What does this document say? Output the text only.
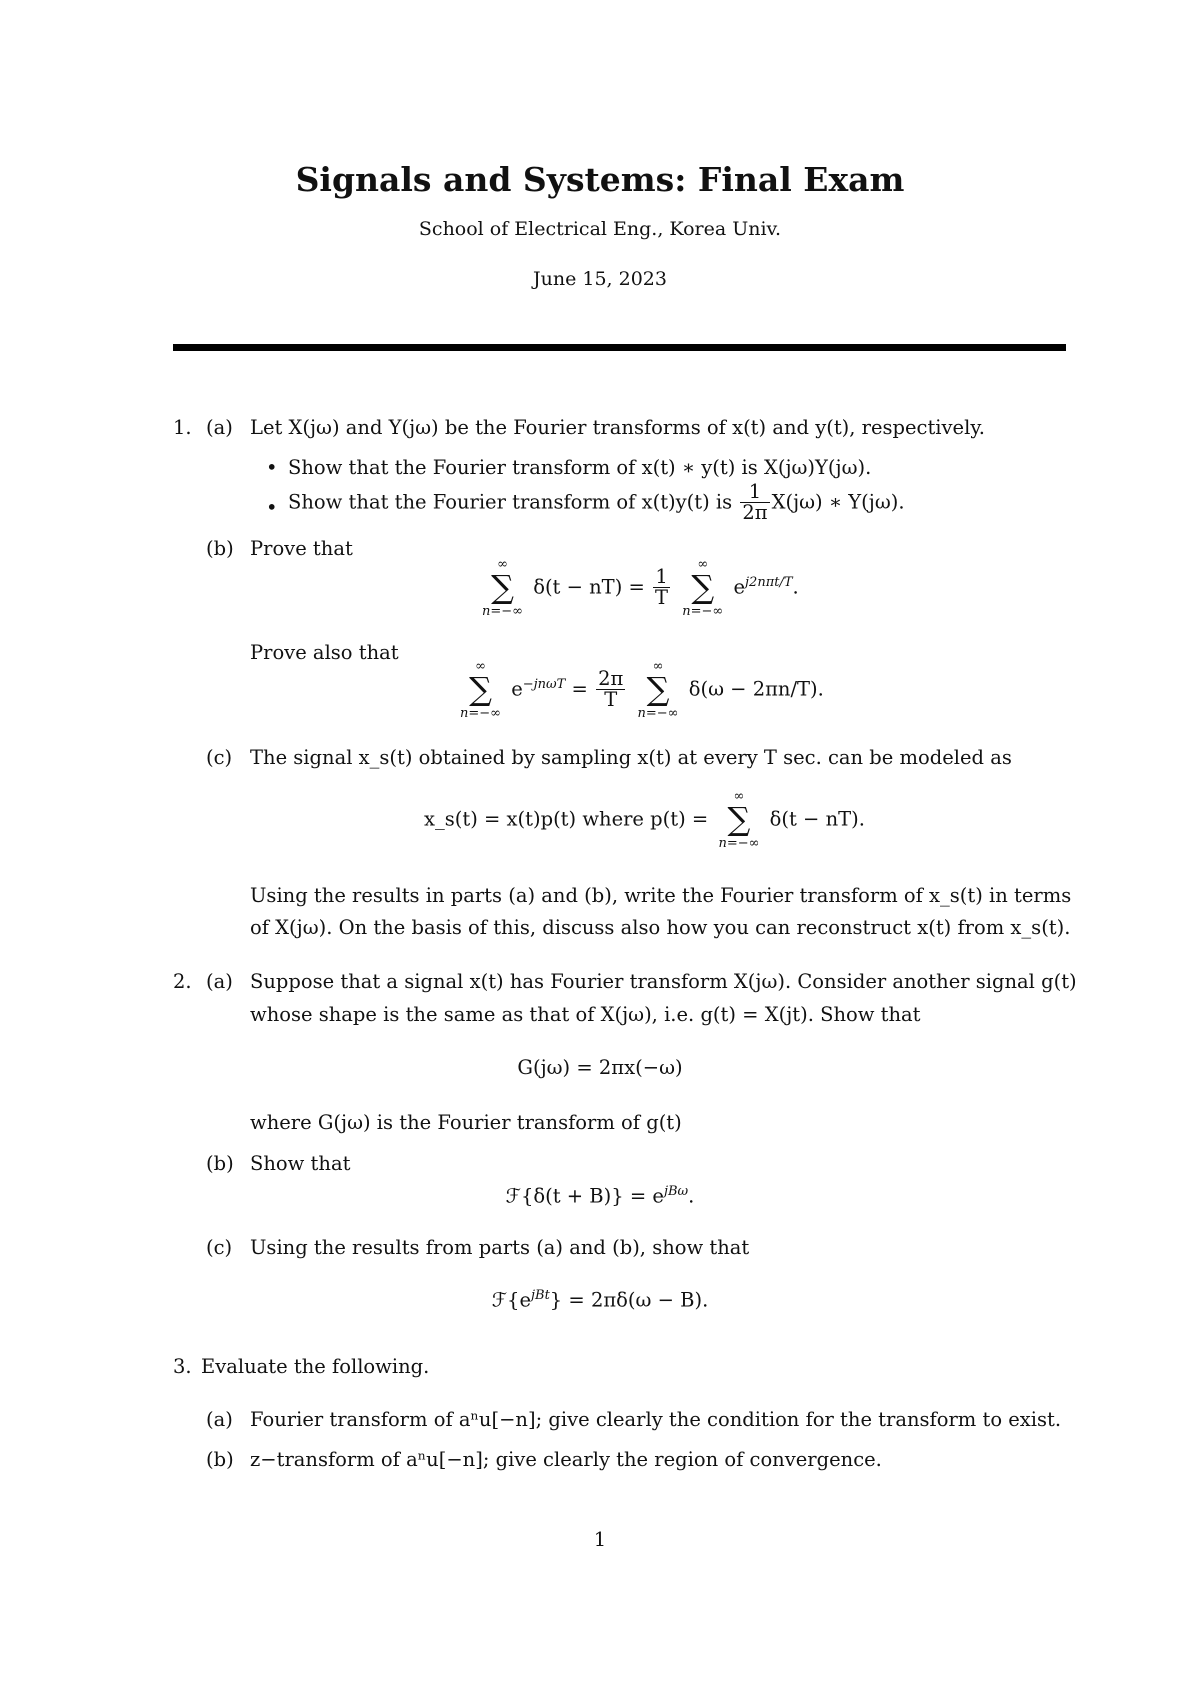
Signals and Systems: Final Exam
School of Electrical Eng., Korea Univ.
June 15, 2023
1. (a) Let X(jω) and Y(jω) be the Fourier transforms of x(t) and y(t), respectively.
• Show that the Fourier transform of x(t) ∗ y(t) is X(jω)Y(jω).
• Show that the Fourier transform of x(t)y(t) is $\frac{1}{2\pi} X(j\omega)$ ∗ Y(jω).
(b) Prove that
∞
∑
n=−∞
$\delta(t - nT) = \frac{1}{T}$

∞
∑
n=−∞
$e^{j2n\pi t/T}$.
Prove also that
∞
∑
n=−∞
$e^{-jn\omega T} = \frac{2\pi}{T}$

∞
∑
n=−∞
δ(ω − 2πn/T).
(c) The signal x_s(t) obtained by sampling x(t) at every T sec. can be modeled as
x_s(t) = x(t)p(t) where p(t) =
∞
∑
n=−∞
δ(t − nT).
Using the results in parts (a) and (b), write the Fourier transform of x_s(t) in terms
of X(jω). On the basis of this, discuss also how you can reconstruct x(t) from x_s(t).
2. (a) Suppose that a signal x(t) has Fourier transform X(jω). Consider another signal g(t)
whose shape is the same as that of X(jω), i.e. g(t) = X(jt). Show that
G(jω) = 2πx(−ω)
where G(jω) is the Fourier transform of g(t)
(b) Show that
ℱ{δ(t + $B)\} = e^{jB\omega}$.
(c) Using the results from parts (a) and (b), show that
$ℱ\{e^{jBt}\} = 2\pi\delta(\omega - B)$.
3. Evaluate the following.
(a) Fourier transform of aⁿu[−n]; give clearly the condition for the transform to exist.
(b) z−transform of aⁿu[−n]; give clearly the region of convergence.
1
